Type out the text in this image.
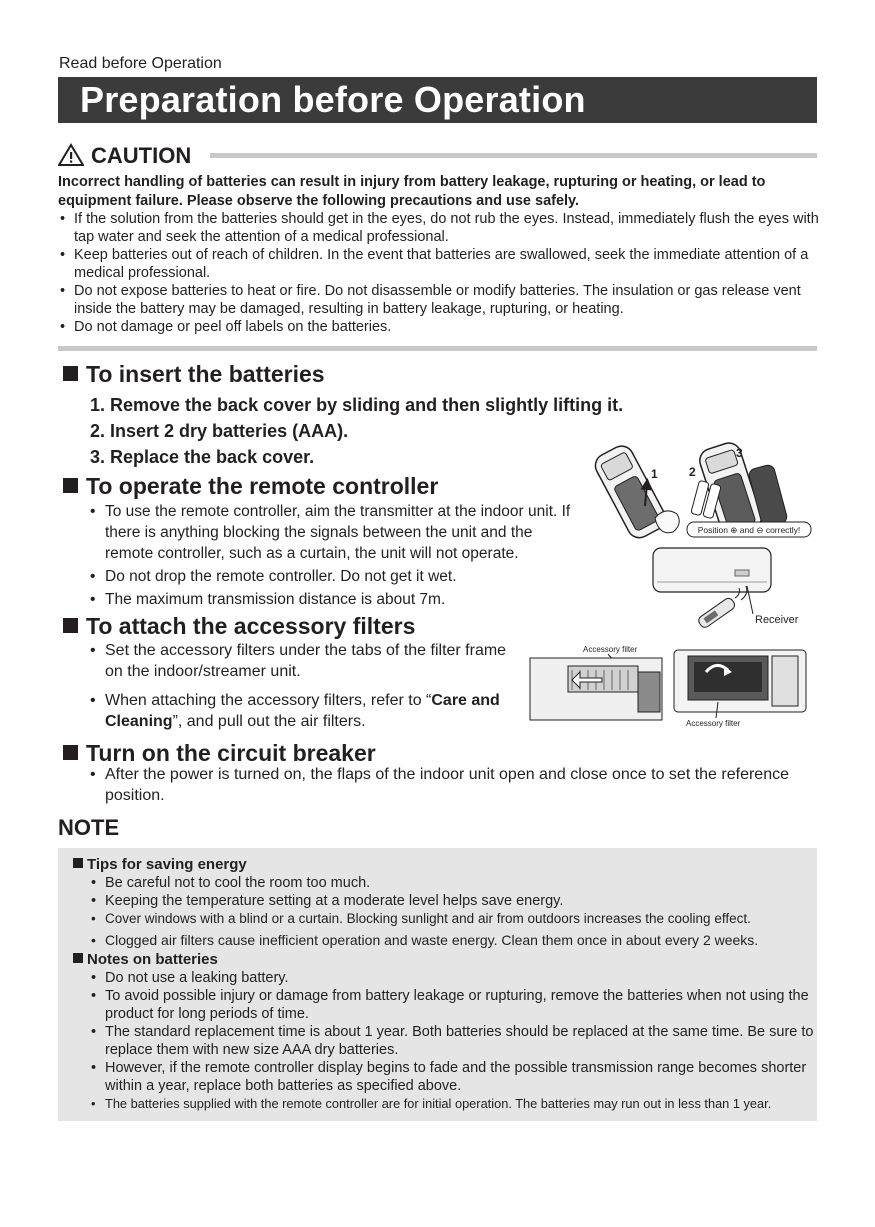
Read before Operation
Preparation before Operation
CAUTION
Incorrect handling of batteries can result in injury from battery leakage, rupturing or heating, or lead to equipment failure. Please observe the following precautions and use safely.
• If the solution from the batteries should get in the eyes, do not rub the eyes. Instead, immediately flush the eyes with tap water and seek the attention of a medical professional.
• Keep batteries out of reach of children. In the event that batteries are swallowed, seek the immediate attention of a medical professional.
• Do not expose batteries to heat or fire. Do not disassemble or modify batteries. The insulation or gas release vent inside the battery may be damaged, resulting in battery leakage, rupturing, or heating.
• Do not damage or peel off labels on the batteries.
To insert the batteries
1. Remove the back cover by sliding and then slightly lifting it.
2. Insert 2 dry batteries (AAA).
3. Replace the back cover.
1	2
3
Position ⊕ and ⊖ correctly!
Receiver
To operate the remote controller
• To use the remote controller, aim the transmitter at the indoor unit. If there is anything blocking the signals between the unit and the remote controller, such as a curtain, the unit will not operate.
• Do not drop the remote controller. Do not get it wet.
• The maximum transmission distance is about 7m.
To attach the accessory filters
• Set the accessory filters under the tabs of the filter frame on the indoor/streamer unit.
• When attaching the accessory filters, refer to “Care and Cleaning”, and pull out the air filters.
Accessory filter
Accessory filter
Turn on the circuit breaker
• After the power is turned on, the flaps of the indoor unit open and close once to set the reference position.
NOTE
Tips for saving energy
• Be careful not to cool the room too much.
• Keeping the temperature setting at a moderate level helps save energy.
• Cover windows with a blind or a curtain. Blocking sunlight and air from outdoors increases the cooling effect.
• Clogged air filters cause inefficient operation and waste energy. Clean them once in about every 2 weeks.
Notes on batteries
• Do not use a leaking battery.
• To avoid possible injury or damage from battery leakage or rupturing, remove the batteries when not using the product for long periods of time.
• The standard replacement time is about 1 year. Both batteries should be replaced at the same time. Be sure to replace them with new size AAA dry batteries.
• However, if the remote controller display begins to fade and the possible transmission range becomes shorter within a year, replace both batteries as specified above.
• The batteries supplied with the remote controller are for initial operation. The batteries may run out in less than 1 year.
